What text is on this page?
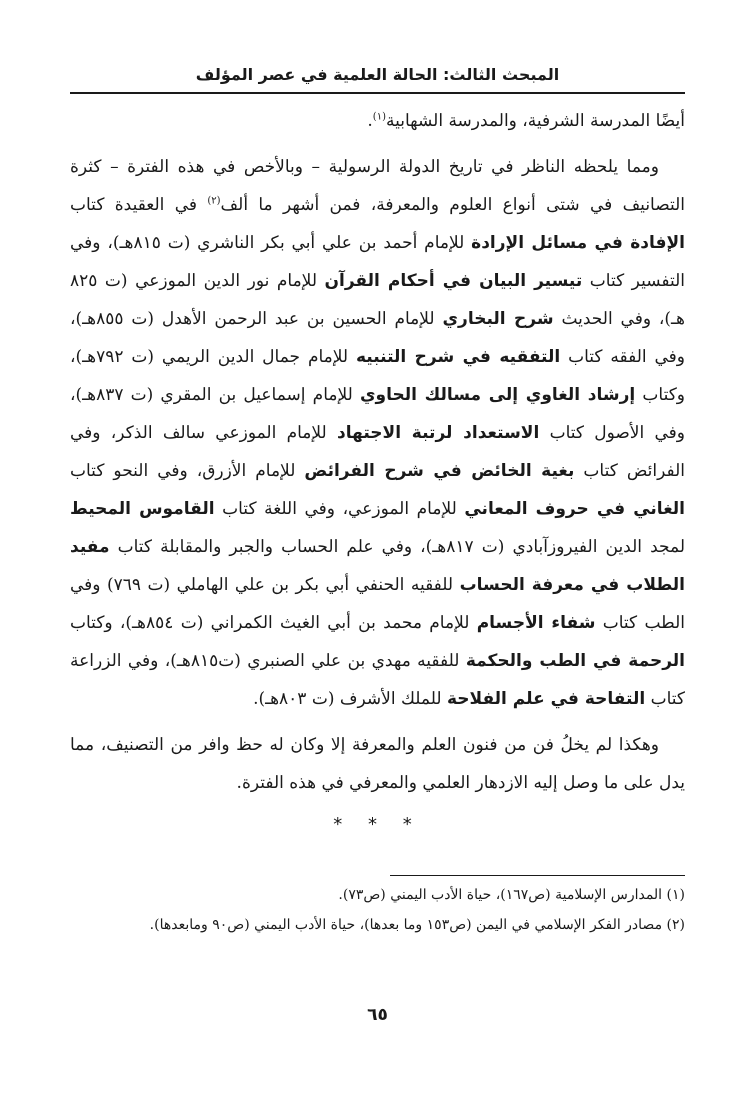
المبحث الثالث: الحالة العلمية في عصر المؤلف

أيضًا المدرسة الشرفية، والمدرسة الشهابية$^{(١)}$.

ومما يلحظه الناظر في تاريخ الدولة الرسولية – وبالأخص في هذه الفترة – كثرة التصانيف في شتى أنواع العلوم والمعرفة، فمن أشهر ما ألف$^{(٢)}$ في العقيدة كتاب الإفادة في مسائل الإرادة للإمام أحمد بن علي أبي بكر الناشري (ت ٨١٥هـ)، وفي التفسير كتاب تيسير البيان في أحكام القرآن للإمام نور الدين الموزعي (ت ٨٢٥ هـ)، وفي الحديث شرح البخاري للإمام الحسين بن عبد الرحمن الأهدل (ت ٨٥٥هـ)، وفي الفقه كتاب التفقيه في شرح التنبيه للإمام جمال الدين الريمي (ت ٧٩٢هـ)، وكتاب إرشاد الغاوي إلى مسالك الحاوي للإمام إسماعيل بن المقري (ت ٨٣٧هـ)، وفي الأصول كتاب الاستعداد لرتبة الاجتهاد للإمام الموزعي سالف الذكر، وفي الفرائض كتاب بغية الخائض في شرح الفرائض للإمام الأزرق، وفي النحو كتاب الغاني في حروف المعاني للإمام الموزعي، وفي اللغة كتاب القاموس المحيط لمجد الدين الفيروزآبادي (ت ٨١٧هـ)، وفي علم الحساب والجبر والمقابلة كتاب مفيد الطلاب في معرفة الحساب للفقيه الحنفي أبي بكر بن علي الهاملي (ت ٧٦٩) وفي الطب كتاب شفاء الأجسام للإمام محمد بن أبي الغيث الكمراني (ت ٨٥٤هـ)، وكتاب الرحمة في الطب والحكمة للفقيه مهدي بن علي الصنبري (ت٨١٥هـ)، وفي الزراعة كتاب التفاحة في علم الفلاحة للملك الأشرف (ت ٨٠٣هـ).

وهكذا لم يخلُ فن من فنون العلم والمعرفة إلا وكان له حظ وافر من التصنيف، مما يدل على ما وصل إليه الازدهار العلمي والمعرفي في هذه الفترة.

* * *

(١) المدارس الإسلامية (ص١٦٧)، حياة الأدب اليمني (ص٧٣).

(٢) مصادر الفكر الإسلامي في اليمن (ص١٥٣ وما بعدها)، حياة الأدب اليمني (ص٩٠ ومابعدها).

٦٥
